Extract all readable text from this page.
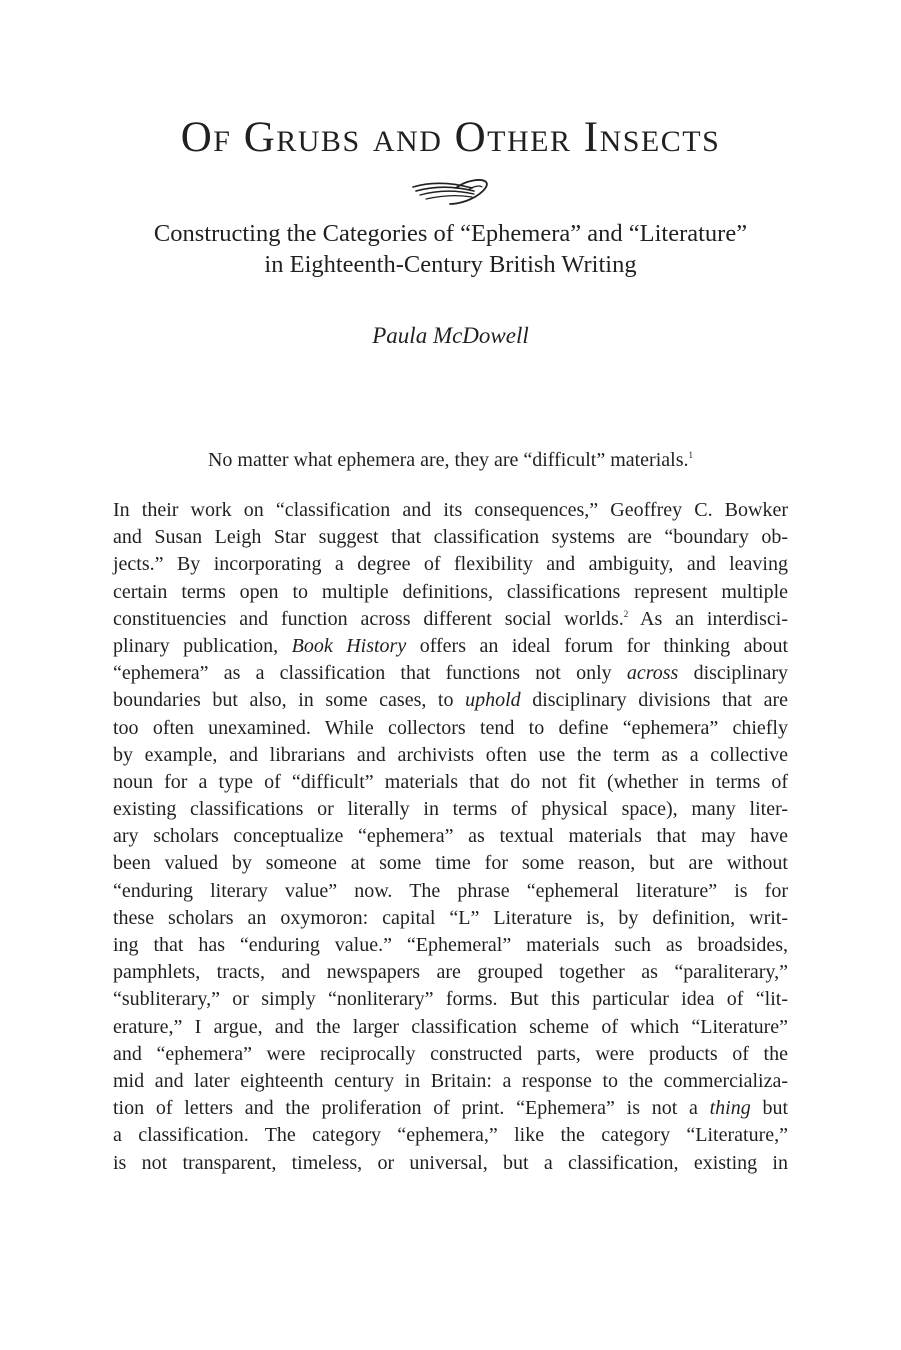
Of Grubs and Other Insects
Constructing the Categories of “Ephemera” and “Literature”
in Eighteenth-Century British Writing
Paula McDowell
No matter what ephemera are, they are “difficult” materials.$^1$
In their work on “classification and its consequences,” Geoffrey C. Bowker
and Susan Leigh Star suggest that classification systems are “boundary ob-
jects.” By incorporating a degree of flexibility and ambiguity, and leaving
certain terms open to multiple definitions, classifications represent multiple
constituencies and function across different social worlds.$^2$ As an interdisci-
plinary publication, Book History offers an ideal forum for thinking about
“ephemera” as a classification that functions not only across disciplinary
boundaries but also, in some cases, to uphold disciplinary divisions that are
too often unexamined. While collectors tend to define “ephemera” chiefly
by example, and librarians and archivists often use the term as a collective
noun for a type of “difficult” materials that do not fit (whether in terms of
existing classifications or literally in terms of physical space), many liter-
ary scholars conceptualize “ephemera” as textual materials that may have
been valued by someone at some time for some reason, but are without
“enduring literary value” now. The phrase “ephemeral literature” is for
these scholars an oxymoron: capital “L” Literature is, by definition, writ-
ing that has “enduring value.” “Ephemeral” materials such as broadsides,
pamphlets, tracts, and newspapers are grouped together as “paraliterary,”
“subliterary,” or simply “nonliterary” forms. But this particular idea of “lit-
erature,” I argue, and the larger classification scheme of which “Literature”
and “ephemera” were reciprocally constructed parts, were products of the
mid and later eighteenth century in Britain: a response to the commercializa-
tion of letters and the proliferation of print. “Ephemera” is not a thing but
a classification. The category “ephemera,” like the category “Literature,”
is not transparent, timeless, or universal, but a classification, existing in
